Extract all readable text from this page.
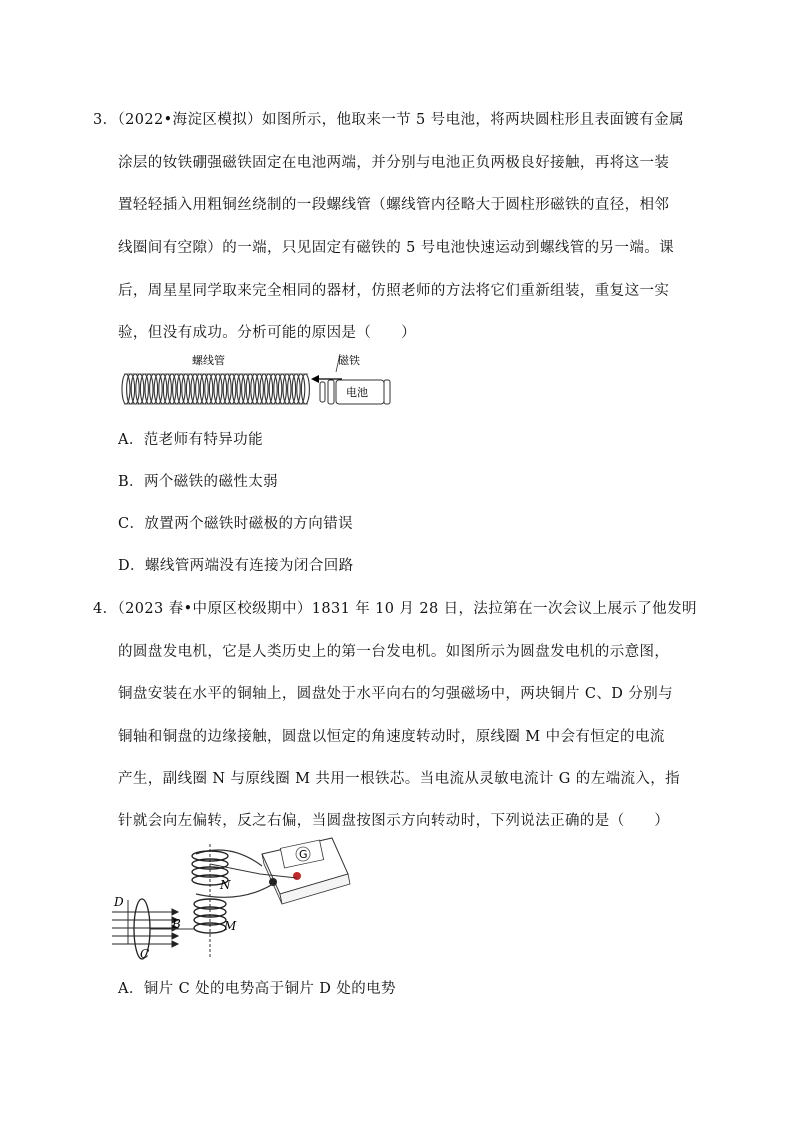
3．（2022•海淀区模拟）如图所示，他取来一节 5 号电池，将两块圆柱形且表面镀有金属
涂层的钕铁硼强磁铁固定在电池两端，并分别与电池正负两极良好接触，再将这一装
置轻轻插入用粗铜丝绕制的一段螺线管（螺线管内径略大于圆柱形磁铁的直径，相邻
线圈间有空隙）的一端，只见固定有磁铁的 5 号电池快速运动到螺线管的另一端。课
后，周星星同学取来完全相同的器材，仿照老师的方法将它们重新组装，重复这一实
验，但没有成功。分析可能的原因是（　　）
螺线管	磁铁
电池
A．范老师有特异功能
B．两个磁铁的磁性太弱
C．放置两个磁铁时磁极的方向错误
D．螺线管两端没有连接为闭合回路
4．（2023 春•中原区校级期中）1831 年 10 月 28 日，法拉第在一次会议上展示了他发明
的圆盘发电机，它是人类历史上的第一台发电机。如图所示为圆盘发电机的示意图，
铜盘安装在水平的铜轴上，圆盘处于水平向右的匀强磁场中，两块铜片 C、D 分别与
铜轴和铜盘的边缘接触，圆盘以恒定的角速度转动时，原线圈 M 中会有恒定的电流
产生，副线圈 N 与原线圈 M 共用一根铁芯。当电流从灵敏电流计 G 的左端流入，指
针就会向左偏转，反之右偏，当圆盘按图示方向转动时，下列说法正确的是（　　）
G
N
M
D
B
C
A．铜片 C 处的电势高于铜片 D 处的电势
